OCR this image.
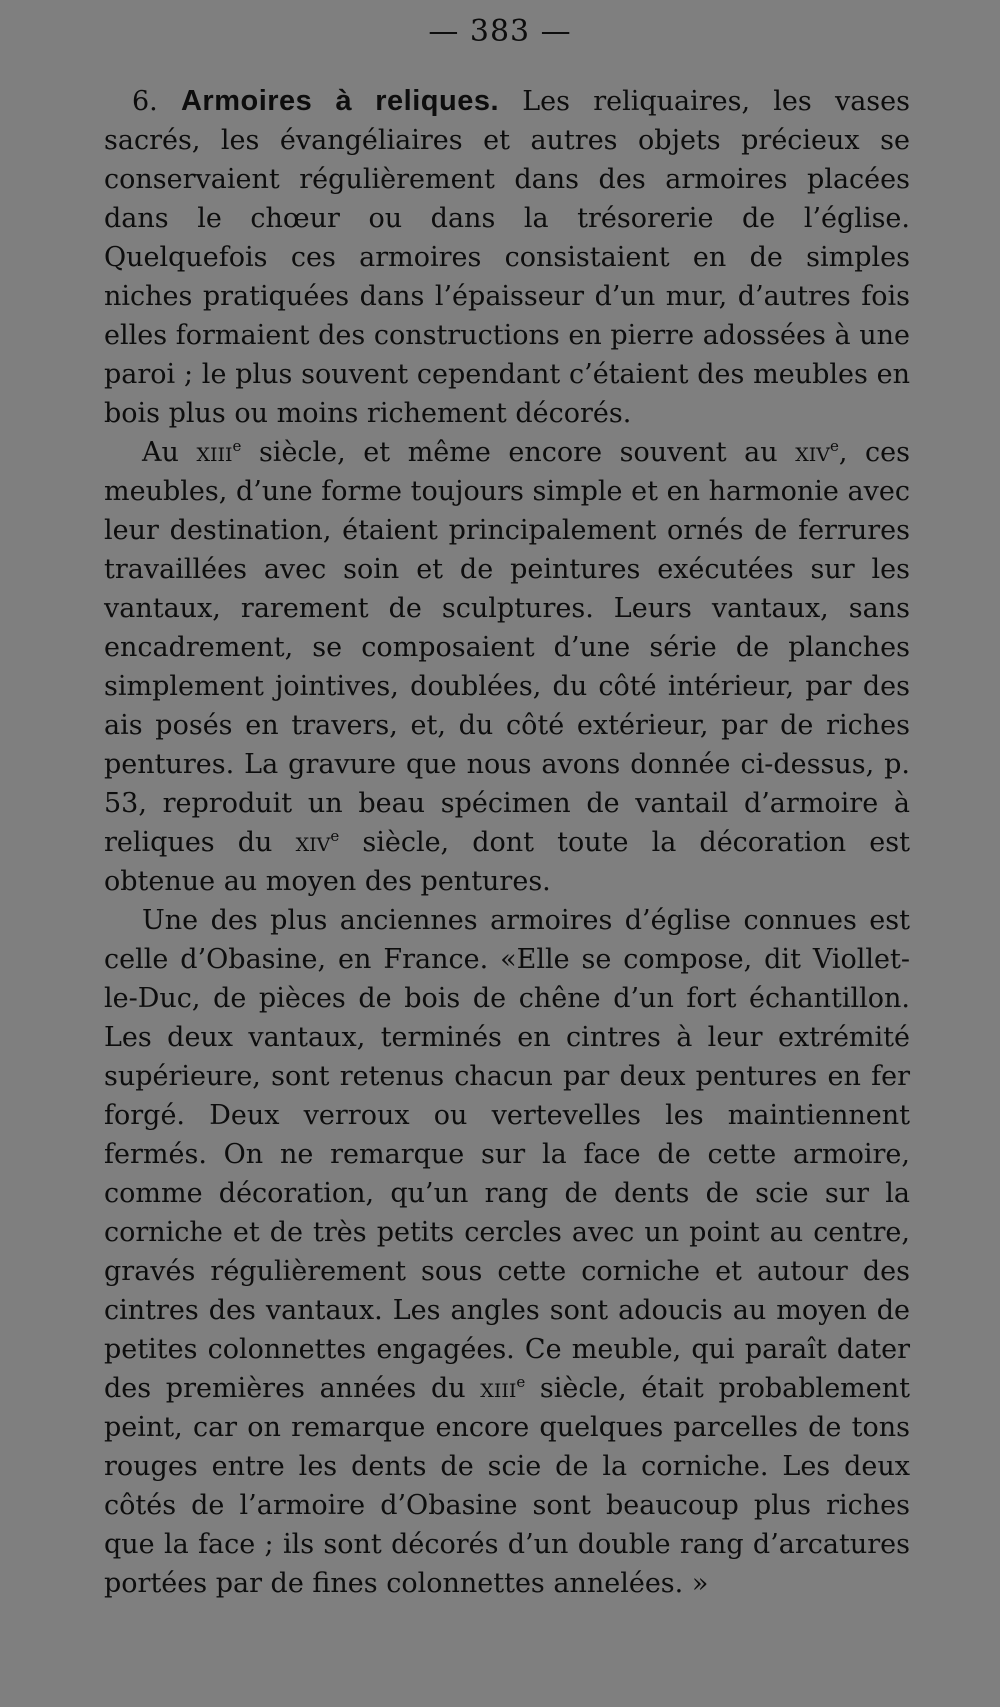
— 383 —

6. Armoires à reliques. Les reliquaires, les vases sacrés, les évangéliaires et autres objets précieux se conservaient régulièrement dans des armoires placées dans le chœur ou dans la trésorerie de l’église. Quelquefois ces armoires consistaient en de simples niches pratiquées dans l’épaisseur d’un mur, d’autres fois elles formaient des constructions en pierre adossées à une paroi ; le plus souvent cependant c’étaient des meubles en bois plus ou moins richement décorés.

Au xiii$^e$ siècle, et même encore souvent au xiv$^e$, ces meubles, d’une forme toujours simple et en harmonie avec leur destination, étaient principalement ornés de ferrures travaillées avec soin et de peintures exécutées sur les vantaux, rarement de sculptures. Leurs vantaux, sans encadrement, se composaient d’une série de planches simplement jointives, doublées, du côté intérieur, par des ais posés en travers, et, du côté extérieur, par de riches pentures. La gravure que nous avons donnée ci-dessus, p. 53, reproduit un beau spécimen de vantail d’armoire à reliques du xiv$^e$ siècle, dont toute la décoration est obtenue au moyen des pentures.

Une des plus anciennes armoires d’église connues est celle d’Obasine, en France. «Elle se compose, dit Viollet-le-Duc, de pièces de bois de chêne d’un fort échantillon. Les deux vantaux, terminés en cintres à leur extrémité supérieure, sont retenus chacun par deux pentures en fer forgé. Deux verroux ou vertevelles les maintiennent fermés. On ne remarque sur la face de cette armoire, comme décoration, qu’un rang de dents de scie sur la corniche et de très petits cercles avec un point au centre, gravés régulièrement sous cette corniche et autour des cintres des vantaux. Les angles sont adoucis au moyen de petites colonnettes engagées. Ce meuble, qui paraît dater des premières années du xiii$^e$ siècle, était probablement peint, car on remarque encore quelques parcelles de tons rouges entre les dents de scie de la corniche. Les deux côtés de l’armoire d’Obasine sont beaucoup plus riches que la face ; ils sont décorés d’un double rang d’arcatures portées par de fines colonnettes annelées. »
